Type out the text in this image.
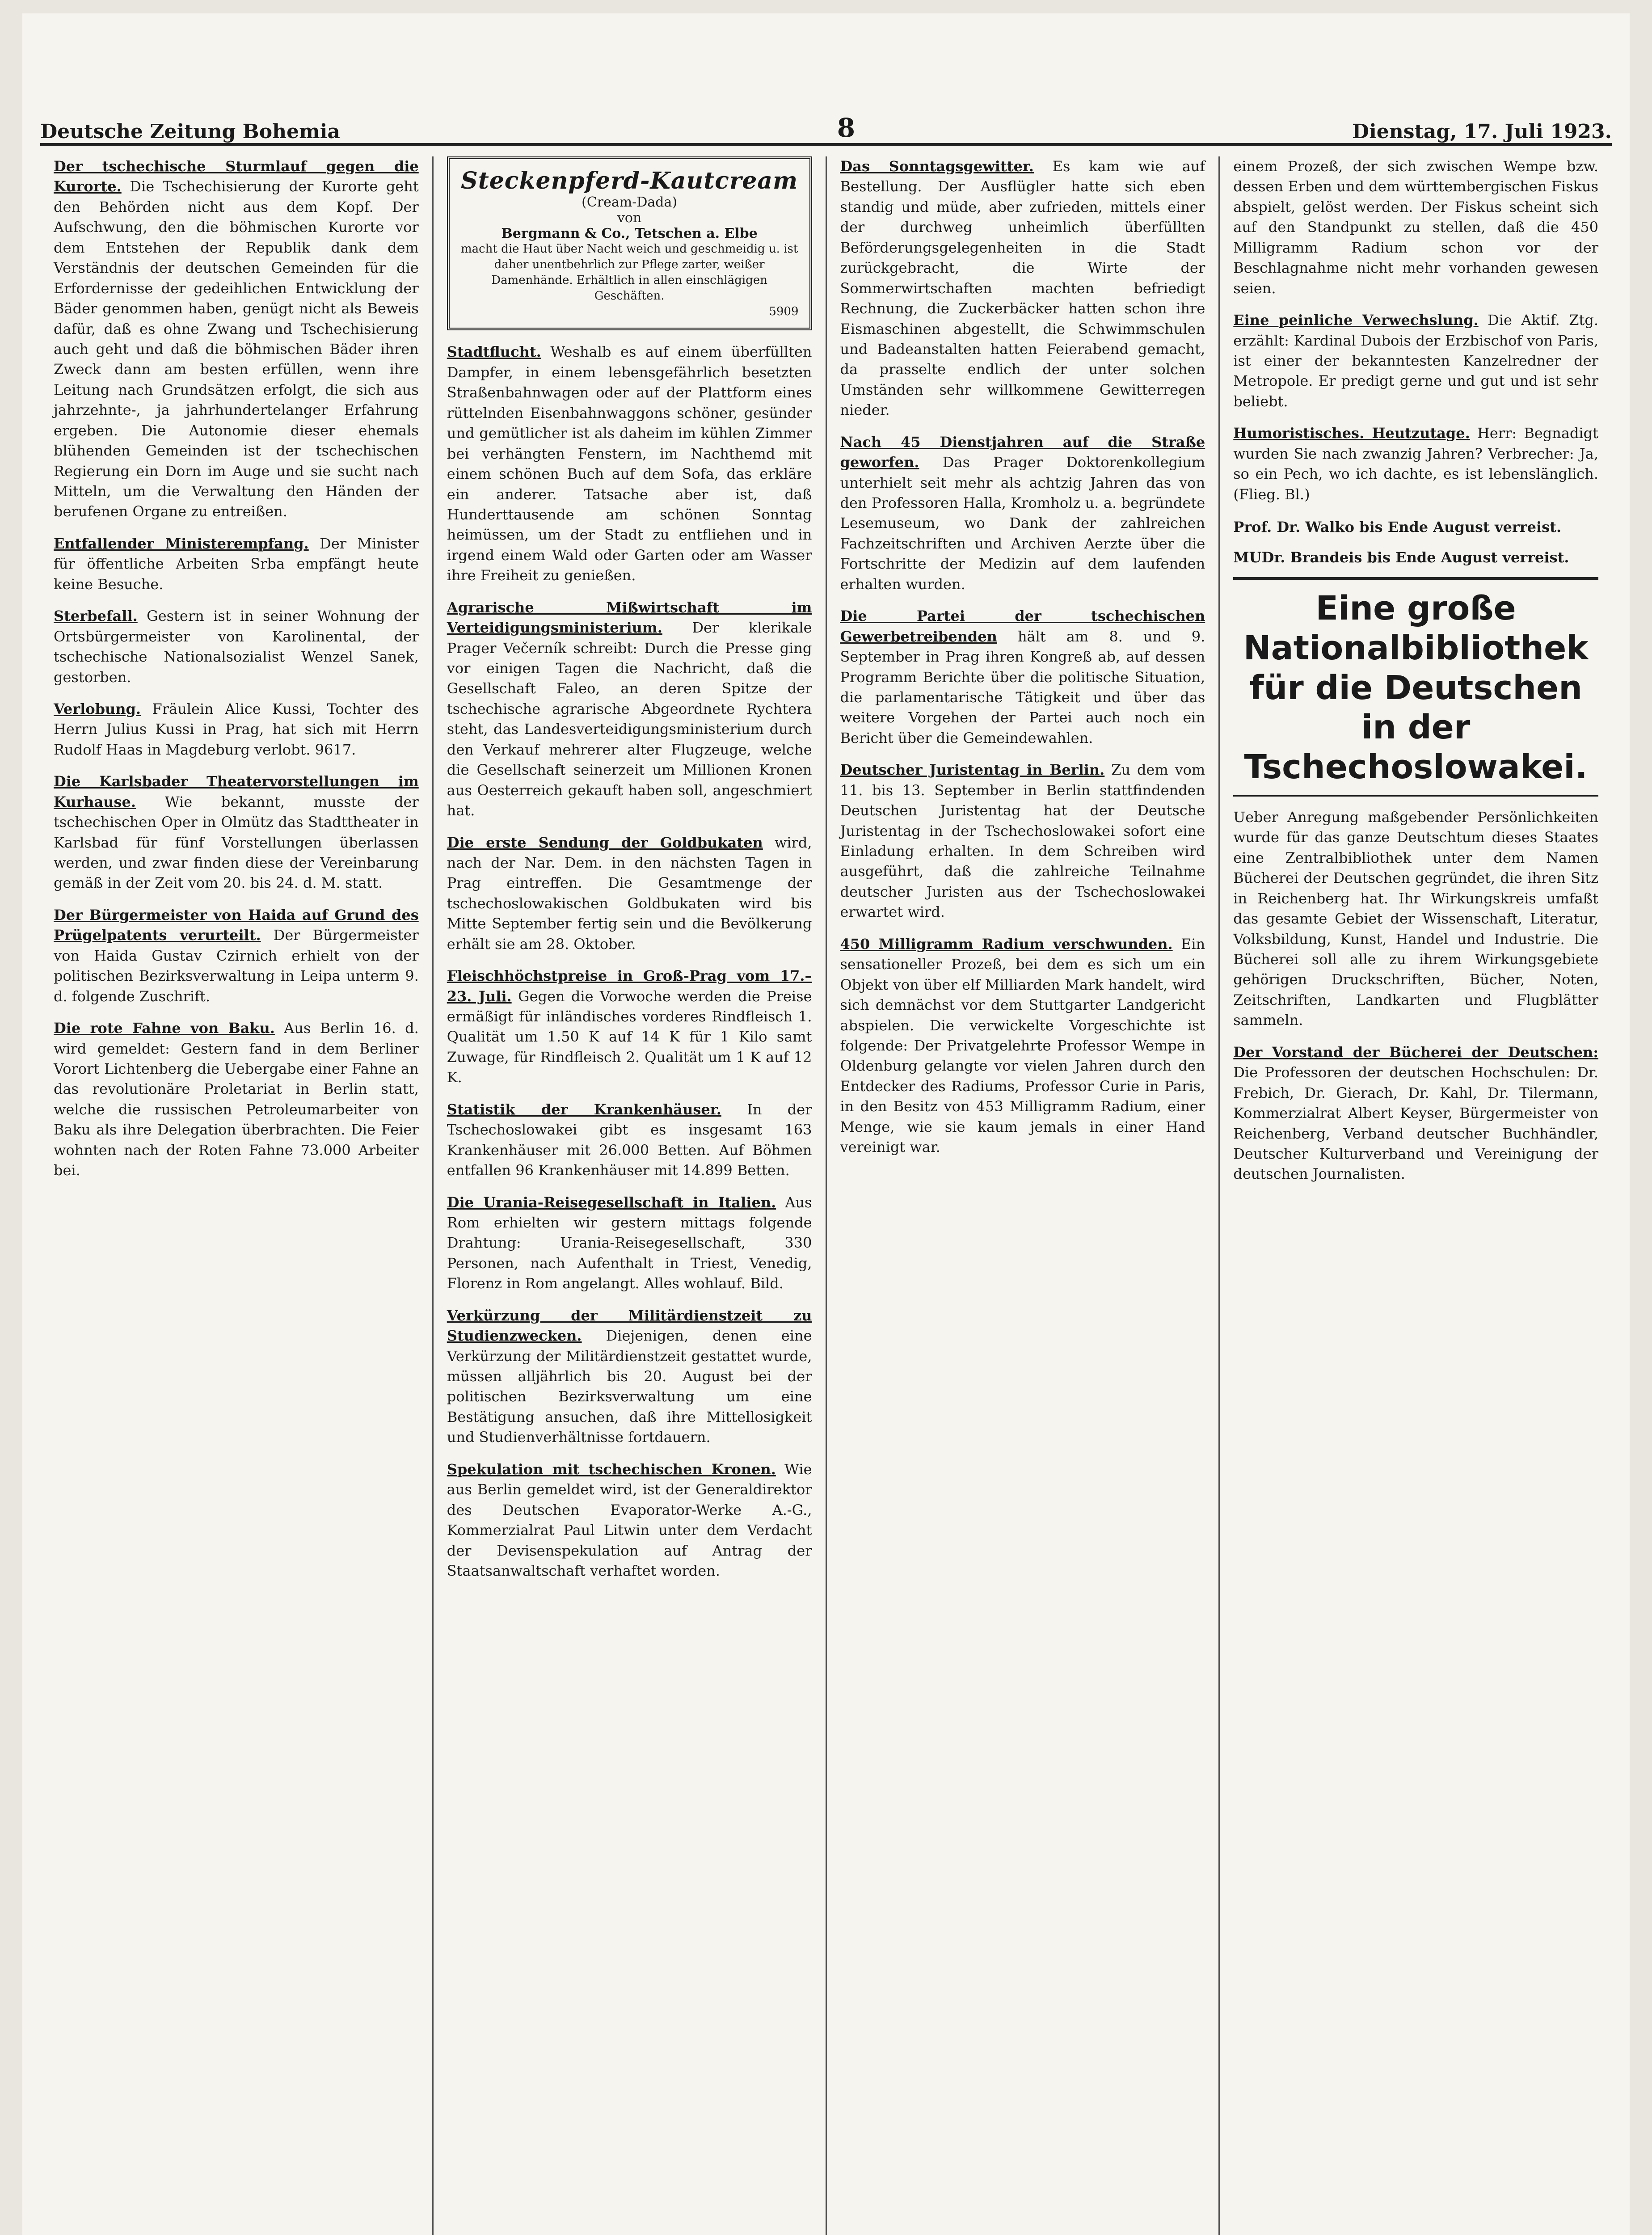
Deutsche Zeitung Bohemia	8	Dienstag, 17. Juli 1923.
Der tschechische Sturmlauf gegen die Kurorte. Die Tschechisierung der Kurorte geht den Behörden nicht aus dem Kopf. Der Aufschwung, den die böhmischen Kurorte vor dem Entstehen der Republik dank dem Verständnis der deutschen Gemeinden für die Erfordernisse der gedeihlichen Entwicklung der Bäder genommen haben, genügt nicht als Beweis dafür, daß es ohne Zwang und Tschechisierung auch geht und daß die böhmischen Bäder ihren Zweck dann am besten erfüllen, wenn ihre Leitung nach Grundsätzen erfolgt, die sich aus jahrzehnte-, ja jahrhundertelanger Erfahrung ergeben. Die Autonomie dieser ehemals blühenden Gemeinden ist der tschechischen Regierung ein Dorn im Auge und sie sucht nach Mitteln, um die Verwaltung den Händen der berufenen Organe zu entreißen.
Entfallender Ministerempfang. Der Minister für öffentliche Arbeiten Srba empfängt heute keine Besuche.
Sterbefall. Gestern ist in seiner Wohnung der Ortsbürgermeister von Karolinental, der tschechische Nationalsozialist Wenzel Sanek, gestorben.
Verlobung. Fräulein Alice Kussi, Tochter des Herrn Julius Kussi in Prag, hat sich mit Herrn Rudolf Haas in Magdeburg verlobt. 9617.
Die Karlsbader Theatervorstellungen im Kurhause. Wie bekannt, musste der tschechischen Oper in Olmütz das Stadttheater in Karlsbad für fünf Vorstellungen überlassen werden, und zwar finden diese der Vereinbarung gemäß in der Zeit vom 20. bis 24. d. M. statt.
Der Bürgermeister von Haida auf Grund des Prügelpatents verurteilt. Der Bürgermeister von Haida Gustav Czirnich erhielt von der politischen Bezirksverwaltung in Leipa unterm 9. d. folgende Zuschrift.
Die rote Fahne von Baku. Aus Berlin 16. d. wird gemeldet: Gestern fand in dem Berliner Vorort Lichtenberg die Uebergabe einer Fahne an das revolutionäre Proletariat in Berlin statt, welche die russischen Petroleumarbeiter von Baku als ihre Delegation überbrachten. Die Feier wohnten nach der Roten Fahne 73.000 Arbeiter bei.
Steckenpferd-Kautcream
(Cream-Dada)
von
Bergmann & Co., Tetschen a. Elbe
macht die Haut über Nacht weich und geschmeidig u. ist daher unentbehrlich zur Pflege zarter, weißer Damenhände. Erhältlich in allen einschlägigen Geschäften.
5909
Stadtflucht. Weshalb es auf einem überfüllten Dampfer, in einem lebensgefährlich besetzten Straßenbahnwagen oder auf der Plattform eines rüttelnden Eisenbahnwaggons schöner, gesünder und gemütlicher ist als daheim im kühlen Zimmer bei verhängten Fenstern, im Nachthemd mit einem schönen Buch auf dem Sofa, das erkläre ein anderer. Tatsache aber ist, daß Hunderttausende am schönen Sonntag heimüssen, um der Stadt zu entfliehen und in irgend einem Wald oder Garten oder am Wasser ihre Freiheit zu genießen.
Agrarische Mißwirtschaft im Verteidigungsministerium. Der klerikale Prager Večerník schreibt: Durch die Presse ging vor einigen Tagen die Nachricht, daß die Gesellschaft Faleo, an deren Spitze der tschechische agrarische Abgeordnete Rychtera steht, das Landesverteidigungsministerium durch den Verkauf mehrerer alter Flugzeuge, welche die Gesellschaft seinerzeit um Millionen Kronen aus Oesterreich gekauft haben soll, angeschmiert hat.
Die erste Sendung der Goldbukaten wird, nach der Nar. Dem. in den nächsten Tagen in Prag eintreffen. Die Gesamtmenge der tschechoslowakischen Goldbukaten wird bis Mitte September fertig sein und die Bevölkerung erhält sie am 28. Oktober.
Fleischhöchstpreise in Groß-Prag vom 17.–23. Juli. Gegen die Vorwoche werden die Preise ermäßigt für inländisches vorderes Rindfleisch 1. Qualität um 1.50 K auf 14 K für 1 Kilo samt Zuwage, für Rindfleisch 2. Qualität um 1 K auf 12 K.
Statistik der Krankenhäuser. In der Tschechoslowakei gibt es insgesamt 163 Krankenhäuser mit 26.000 Betten. Auf Böhmen entfallen 96 Krankenhäuser mit 14.899 Betten.
Die Urania-Reisegesellschaft in Italien. Aus Rom erhielten wir gestern mittags folgende Drahtung: Urania-Reisegesellschaft, 330 Personen, nach Aufenthalt in Triest, Venedig, Florenz in Rom angelangt. Alles wohlauf. Bild.
Verkürzung der Militärdienstzeit zu Studienzwecken. Diejenigen, denen eine Verkürzung der Militärdienstzeit gestattet wurde, müssen alljährlich bis 20. August bei der politischen Bezirksverwaltung um eine Bestätigung ansuchen, daß ihre Mittellosigkeit und Studienverhältnisse fortdauern.
Spekulation mit tschechischen Kronen. Wie aus Berlin gemeldet wird, ist der Generaldirektor des Deutschen Evaporator-Werke A.-G., Kommerzialrat Paul Litwin unter dem Verdacht der Devisenspekulation auf Antrag der Staatsanwaltschaft verhaftet worden.
Das Sonntagsgewitter. Es kam wie auf Bestellung. Der Ausflügler hatte sich eben standig und müde, aber zufrieden, mittels einer der durchweg unheimlich überfüllten Beförderungsgelegenheiten in die Stadt zurückgebracht, die Wirte der Sommerwirtschaften machten befriedigt Rechnung, die Zuckerbäcker hatten schon ihre Eismaschinen abgestellt, die Schwimmschulen und Badeanstalten hatten Feierabend gemacht, da prasselte endlich der unter solchen Umständen sehr willkommene Gewitterregen nieder.
Nach 45 Dienstjahren auf die Straße geworfen. Das Prager Doktorenkollegium unterhielt seit mehr als achtzig Jahren das von den Professoren Halla, Kromholz u. a. begründete Lesemuseum, wo Dank der zahlreichen Fachzeitschriften und Archiven Aerzte über die Fortschritte der Medizin auf dem laufenden erhalten wurden.
Die Partei der tschechischen Gewerbetreibenden hält am 8. und 9. September in Prag ihren Kongreß ab, auf dessen Programm Berichte über die politische Situation, die parlamentarische Tätigkeit und über das weitere Vorgehen der Partei auch noch ein Bericht über die Gemeindewahlen.
Deutscher Juristentag in Berlin. Zu dem vom 11. bis 13. September in Berlin stattfindenden Deutschen Juristentag hat der Deutsche Juristentag in der Tschechoslowakei sofort eine Einladung erhalten. In dem Schreiben wird ausgeführt, daß die zahlreiche Teilnahme deutscher Juristen aus der Tschechoslowakei erwartet wird.
450 Milligramm Radium verschwunden. Ein sensationeller Prozeß, bei dem es sich um ein Objekt von über elf Milliarden Mark handelt, wird sich demnächst vor dem Stuttgarter Landgericht abspielen. Die verwickelte Vorgeschichte ist folgende: Der Privatgelehrte Professor Wempe in Oldenburg gelangte vor vielen Jahren durch den Entdecker des Radiums, Professor Curie in Paris, in den Besitz von 453 Milligramm Radium, einer Menge, wie sie kaum jemals in einer Hand vereinigt war.
einem Prozeß, der sich zwischen Wempe bzw. dessen Erben und dem württembergischen Fiskus abspielt, gelöst werden. Der Fiskus scheint sich auf den Standpunkt zu stellen, daß die 450 Milligramm Radium schon vor der Beschlagnahme nicht mehr vorhanden gewesen seien.
Eine peinliche Verwechslung. Die Aktif. Ztg. erzählt: Kardinal Dubois der Erzbischof von Paris, ist einer der bekanntesten Kanzelredner der Metropole. Er predigt gerne und gut und ist sehr beliebt.
Humoristisches. Heutzutage. Herr: Begnadigt wurden Sie nach zwanzig Jahren? Verbrecher: Ja, so ein Pech, wo ich dachte, es ist lebenslänglich. (Flieg. Bl.)
Prof. Dr. Walko bis Ende August verreist.
MUDr. Brandeis bis Ende August verreist.
Eine große Nationalbibliothek für die Deutschen in der Tschechoslowakei.
Ueber Anregung maßgebender Persönlichkeiten wurde für das ganze Deutschtum dieses Staates eine Zentralbibliothek unter dem Namen Bücherei der Deutschen gegründet, die ihren Sitz in Reichenberg hat. Ihr Wirkungskreis umfaßt das gesamte Gebiet der Wissenschaft, Literatur, Volksbildung, Kunst, Handel und Industrie. Die Bücherei soll alle zu ihrem Wirkungsgebiete gehörigen Druckschriften, Bücher, Noten, Zeitschriften, Landkarten und Flugblätter sammeln.
Der Vorstand der Bücherei der Deutschen: Die Professoren der deutschen Hochschulen: Dr. Frebich, Dr. Gierach, Dr. Kahl, Dr. Tilermann, Kommerzialrat Albert Keyser, Bürgermeister von Reichenberg, Verband deutscher Buchhändler, Deutscher Kulturverband und Vereinigung der deutschen Journalisten.
